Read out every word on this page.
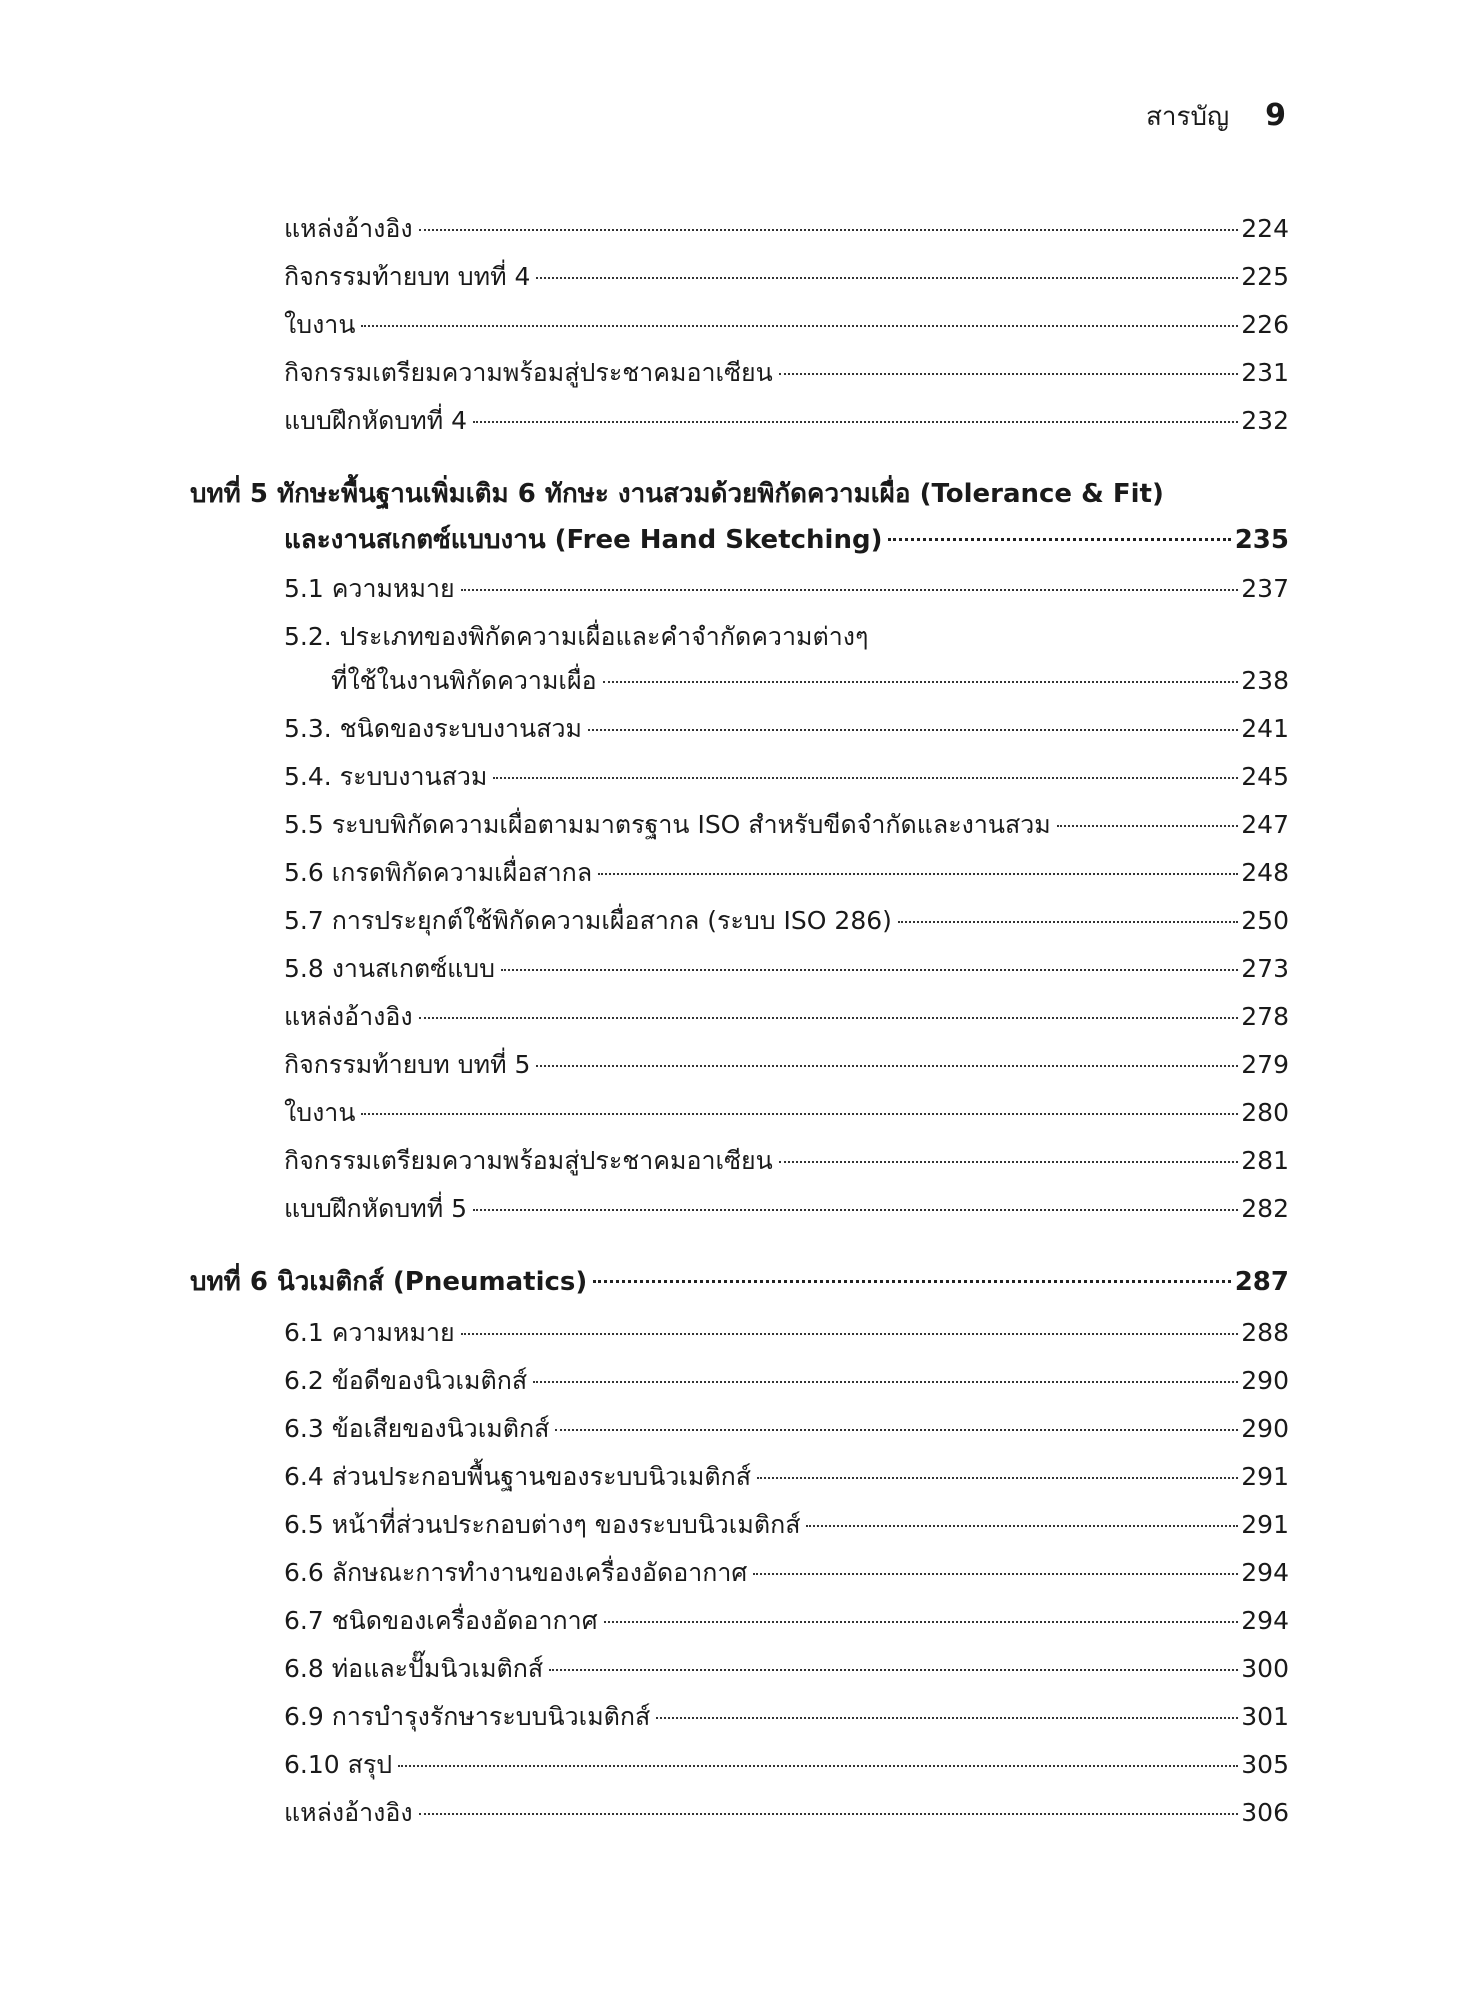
สารบัญ 9
แหล่งอ้างอิง	224
กิจกรรมท้ายบท บทที่ 4	225
ใบงาน	226
กิจกรรมเตรียมความพร้อมสู่ประชาคมอาเซียน	231
แบบฝึกหัดบทที่ 4	232
บทที่ 5 ทักษะพื้นฐานเพิ่มเติม 6 ทักษะ งานสวมด้วยพิกัดความเผื่อ (Tolerance & Fit)
และงานสเกตซ์แบบงาน (Free Hand Sketching)	235
5.1 ความหมาย	237
5.2. ประเภทของพิกัดความเผื่อและคำจำกัดความต่างๆ
ที่ใช้ในงานพิกัดความเผื่อ	238
5.3. ชนิดของระบบงานสวม	241
5.4. ระบบงานสวม	245
5.5 ระบบพิกัดความเผื่อตามมาตรฐาน ISO สำหรับขีดจำกัดและงานสวม	247
5.6 เกรดพิกัดความเผื่อสากล	248
5.7 การประยุกต์ใช้พิกัดความเผื่อสากล (ระบบ ISO 286)	250
5.8 งานสเกตซ์แบบ	273
แหล่งอ้างอิง	278
กิจกรรมท้ายบท บทที่ 5	279
ใบงาน	280
กิจกรรมเตรียมความพร้อมสู่ประชาคมอาเซียน	281
แบบฝึกหัดบทที่ 5	282
บทที่ 6 นิวเมติกส์ (Pneumatics)	287
6.1 ความหมาย	288
6.2 ข้อดีของนิวเมติกส์	290
6.3 ข้อเสียของนิวเมติกส์	290
6.4 ส่วนประกอบพื้นฐานของระบบนิวเมติกส์	291
6.5 หน้าที่ส่วนประกอบต่างๆ ของระบบนิวเมติกส์	291
6.6 ลักษณะการทำงานของเครื่องอัดอากาศ	294
6.7 ชนิดของเครื่องอัดอากาศ	294
6.8 ท่อและปั๊มนิวเมติกส์	300
6.9 การบำรุงรักษาระบบนิวเมติกส์	301
6.10 สรุป	305
แหล่งอ้างอิง	306
